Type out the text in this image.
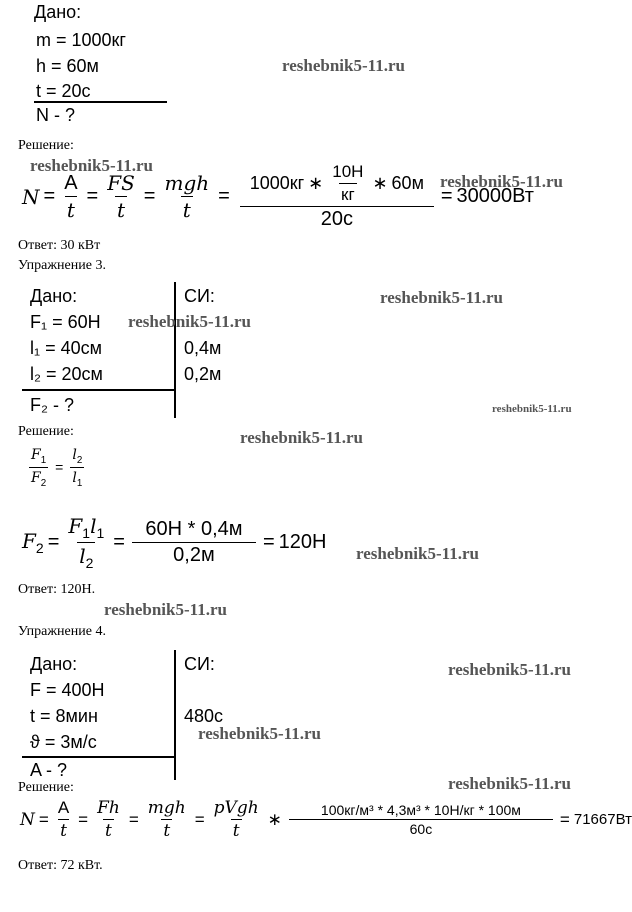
Дано:
m = 1000кг
h = 60м
t = 20с
N - ?
reshebnik5-11.ru
Решение:
reshebnik5-11.ru
$N = \frac{A}{t} = \frac{FS}{t} = \frac{\text{mgh}}{t} = \frac{1000кг ∗ \frac{10Н}{кг} ∗ 60м}{20с} = 30000Вт$
reshebnik5-11.ru
Ответ: 30 кВт
Упражнение 3.
Дано:
F₁ = 60Н
l₁ = 40см
l₂ = 20см
F₂ - ?
СИ:
0,4м
0,2м
reshebnik5-11.ru
reshebnik5-11.ru
reshebnik5-11.ru
Решение:	reshebnik5-11.ru
$\frac{F_1}{F_2} = \frac{l_2}{l_1}$
$F_2 = \frac{F_1l_1}{l_2} = \frac{60Н * 0,4м}{0,2м} = 120Н$
reshebnik5-11.ru
Ответ: 120Н.
reshebnik5-11.ru
Упражнение 4.
Дано:
F = 400Н
t = 8мин
ϑ = 3м/с
A - ?
СИ:
480с
reshebnik5-11.ru
reshebnik5-11.ru
reshebnik5-11.ru
Решение:
$N = \frac{A}{t} = \frac{Fh}{t} = \frac{\text{mgh}}{t} = \frac{\text{pVgh}}{t}$ ∗ $\frac{\text{100кг/м³ * 4,3м³ * 10Н/кг * 100м}}{60с} = 71667Вт$
Ответ: 72 кВт.
